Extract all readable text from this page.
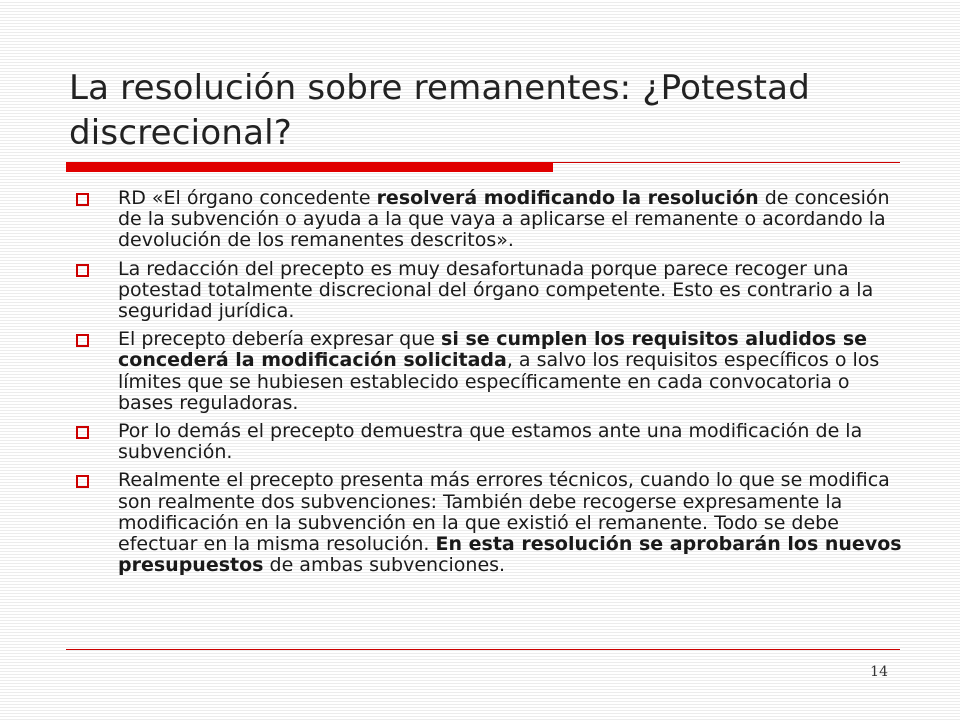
La resolución sobre remanentes: ¿Potestad discrecional?
RD «El órgano concedente resolverá modificando la resolución de concesión de la subvención o ayuda a la que vaya a aplicarse el remanente o acordando la devolución de los remanentes descritos».
La redacción del precepto es muy desafortunada porque parece recoger una potestad totalmente discrecional del órgano competente. Esto es contrario a la seguridad jurídica.
El precepto debería expresar que si se cumplen los requisitos aludidos se concederá la modificación solicitada, a salvo los requisitos específicos o los límites que se hubiesen establecido específicamente en cada convocatoria o bases reguladoras.
Por lo demás el precepto demuestra que estamos ante una modificación de la subvención.
Realmente el precepto presenta más errores técnicos, cuando lo que se modifica son realmente dos subvenciones: También debe recogerse expresamente la modificación en la subvención en la que existió el remanente. Todo se debe efectuar en la misma resolución. En esta resolución se aprobarán los nuevos presupuestos de ambas subvenciones.
14
